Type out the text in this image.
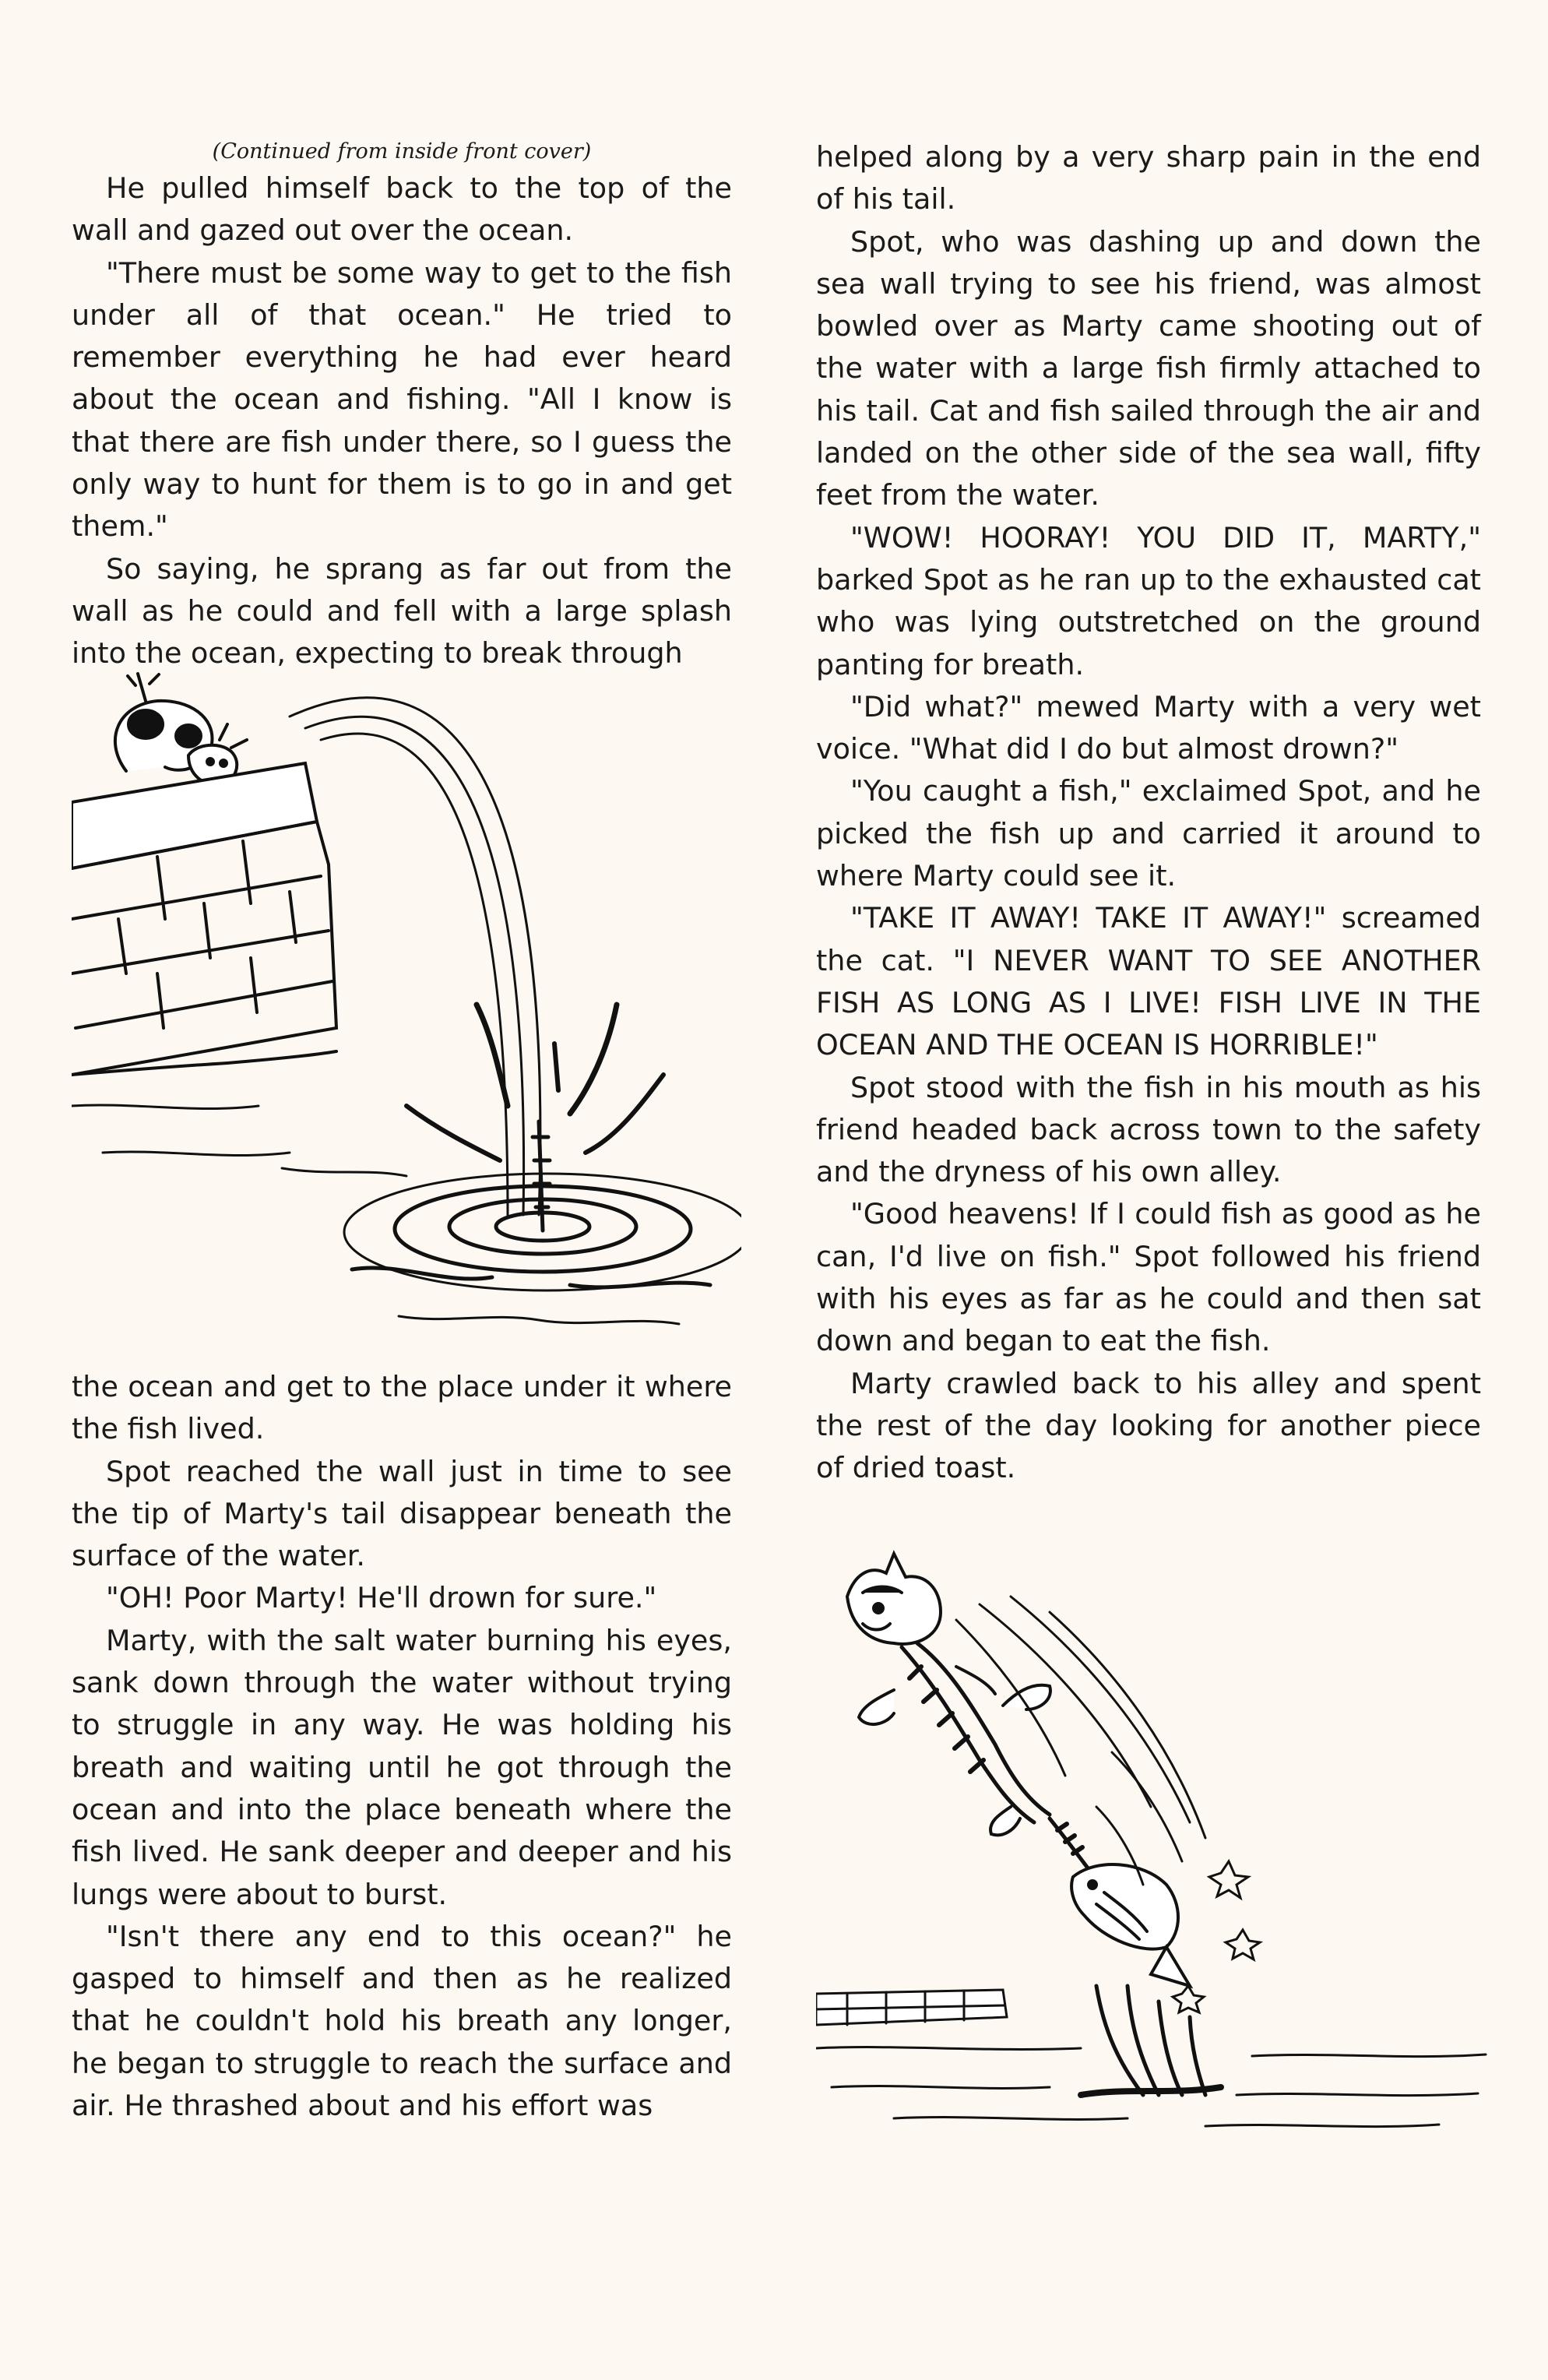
(Continued from inside front cover)

He pulled himself back to the top of the wall and gazed out over the ocean.

"There must be some way to get to the fish under all of that ocean." He tried to remember everything he had ever heard about the ocean and fishing. "All I know is that there are fish under there, so I guess the only way to hunt for them is to go in and get them."

So saying, he sprang as far out from the wall as he could and fell with a large splash into the ocean, expecting to break through

the ocean and get to the place under it where the fish lived.

Spot reached the wall just in time to see the tip of Marty's tail disappear beneath the surface of the water.

"OH! Poor Marty! He'll drown for sure."

Marty, with the salt water burning his eyes, sank down through the water without trying to struggle in any way. He was holding his breath and waiting until he got through the ocean and into the place beneath where the fish lived. He sank deeper and deeper and his lungs were about to burst.

"Isn't there any end to this ocean?" he gasped to himself and then as he realized that he couldn't hold his breath any longer, he began to struggle to reach the surface and air. He thrashed about and his effort was

helped along by a very sharp pain in the end of his tail.

Spot, who was dashing up and down the sea wall trying to see his friend, was almost bowled over as Marty came shooting out of the water with a large fish firmly attached to his tail. Cat and fish sailed through the air and landed on the other side of the sea wall, fifty feet from the water.

"WOW! HOORAY! YOU DID IT, MARTY," barked Spot as he ran up to the exhausted cat who was lying outstretched on the ground panting for breath.

"Did what?" mewed Marty with a very wet voice. "What did I do but almost drown?"

"You caught a fish," exclaimed Spot, and he picked the fish up and carried it around to where Marty could see it.

"TAKE IT AWAY! TAKE IT AWAY!" screamed the cat. "I NEVER WANT TO SEE ANOTHER FISH AS LONG AS I LIVE! FISH LIVE IN THE OCEAN AND THE OCEAN IS HORRIBLE!"

Spot stood with the fish in his mouth as his friend headed back across town to the safety and the dryness of his own alley.

"Good heavens! If I could fish as good as he can, I'd live on fish." Spot followed his friend with his eyes as far as he could and then sat down and began to eat the fish.

Marty crawled back to his alley and spent the rest of the day looking for another piece of dried toast.
